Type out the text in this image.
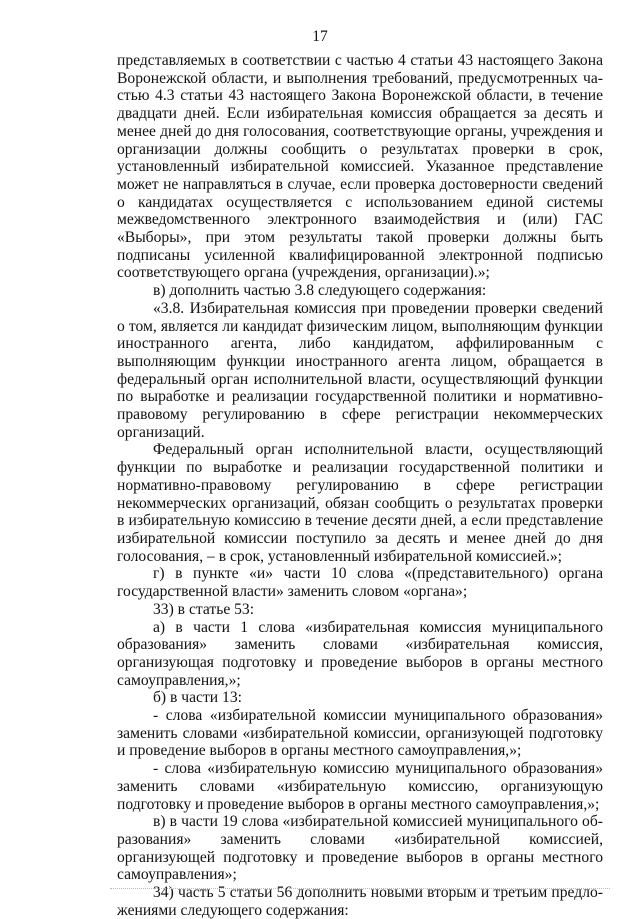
17

представляемых в соответствии с частью 4 статьи 43 настоящего Закона Воронежской области, и выполнения требований, предусмотренных частью 4.3 статьи 43 настоящего Закона Воронежской области, в течение двадцати дней. Если избирательная комиссия обращается за десять и менее дней до дня голосования, соответствующие органы, учреждения и организации должны сообщить о результатах проверки в срок, установленный избирательной комиссией. Указанное представление может не направляться в случае, если проверка достоверности сведений о кандидатах осуществляется с использованием единой системы межведомственного электронного взаимодействия и (или) ГАС «Выборы», при этом результаты такой проверки должны быть подписаны усиленной квалифицированной электронной подписью соответствующего органа (учреждения, организации).»;

в) дополнить частью 3.8 следующего содержания:

«3.8. Избирательная комиссия при проведении проверки сведений о том, является ли кандидат физическим лицом, выполняющим функции иностранного агента, либо кандидатом, аффилированным с выполняющим функции иностранного агента лицом, обращается в федеральный орган исполнительной власти, осуществляющий функции по выработке и реализации государственной политики и нормативно-правовому регулированию в сфере регистрации некоммерческих организаций.

Федеральный орган исполнительной власти, осуществляющий функции по выработке и реализации государственной политики и нормативно-правовому регулированию в сфере регистрации некоммерческих организаций, обязан сообщить о результатах проверки в избирательную комиссию в течение десяти дней, а если представление избирательной комиссии поступило за десять и менее дней до дня голосования, – в срок, установленный избирательной комиссией.»;

г) в пункте «и» части 10 слова «(представительного) органа государственной власти» заменить словом «органа»;

33) в статье 53:

а) в части 1 слова «избирательная комиссия муниципального образования» заменить словами «избирательная комиссия, организующая подготовку и проведение выборов в органы местного самоуправления,»;

б) в части 13:

- слова «избирательной комиссии муниципального образования» заменить словами «избирательной комиссии, организующей подготовку и проведение выборов в органы местного самоуправления,»;

- слова «избирательную комиссию муниципального образования» заменить словами «избирательную комиссию, организующую подготовку и проведение выборов в органы местного самоуправления,»;

в) в части 19 слова «избирательной комиссией муниципального образования» заменить словами «избирательной комиссией, организующей подготовку и проведение выборов в органы местного самоуправления»;

34) часть 5 статьи 56 дополнить новыми вторым и третьим предложениями следующего содержания:
